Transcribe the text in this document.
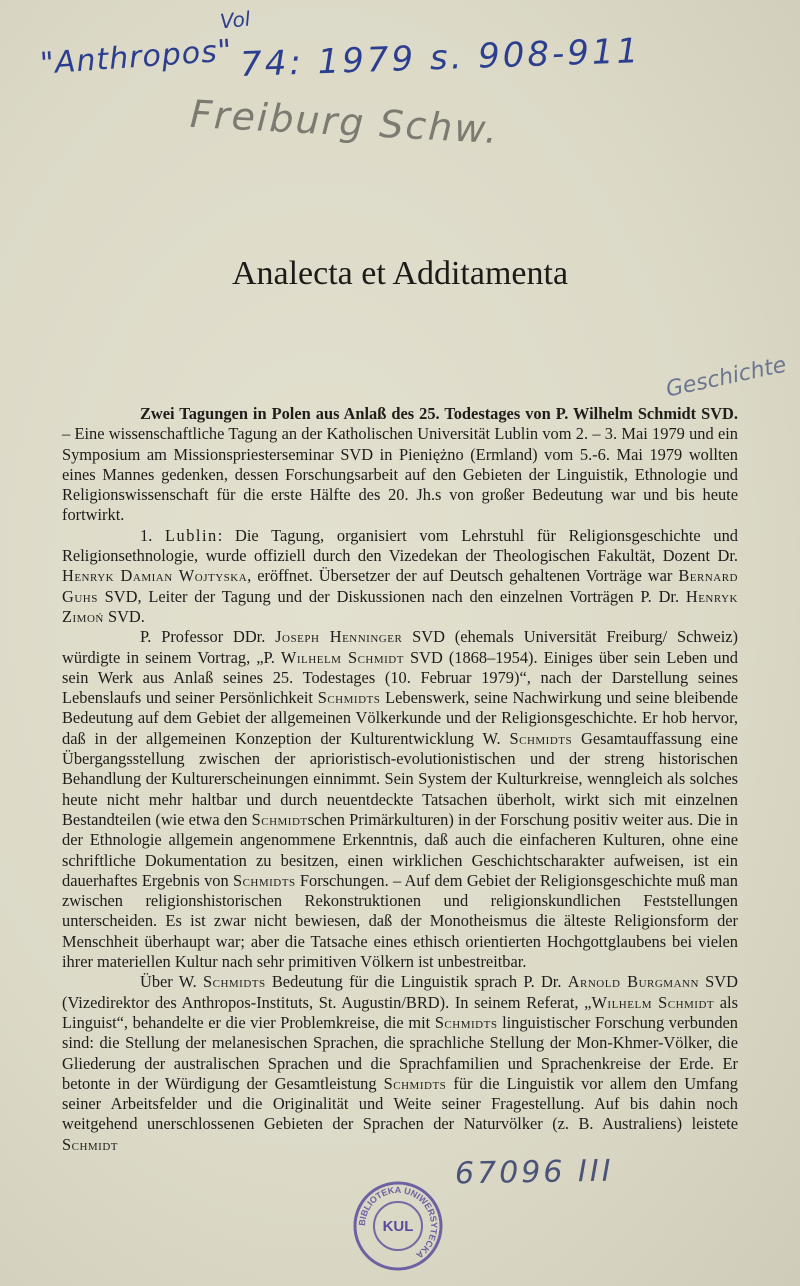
"Anthropos"
Vol
74: 1979 s. 908-911
Freiburg Schw.
Geschichte
Analecta et Additamenta

Zwei Tagungen in Polen aus Anlaß des 25. Todestages von P. Wilhelm Schmidt SVD. – Eine wissenschaftliche Tagung an der Katholischen Universität Lublin vom 2. – 3. Mai 1979 und ein Symposium am Missionspriesterseminar SVD in Pieniężno (Ermland) vom 5.-6. Mai 1979 wollten eines Mannes gedenken, dessen Forschungsarbeit auf den Gebieten der Linguistik, Ethnologie und Religionswissenschaft für die erste Hälfte des 20. Jh.s von großer Bedeutung war und bis heute fortwirkt.

1. Lublin: Die Tagung, organisiert vom Lehrstuhl für Religionsgeschichte und Religionsethnologie, wurde offiziell durch den Vizedekan der Theologischen Fakultät, Dozent Dr. Henryk Damian Wojtyska, eröffnet. Übersetzer der auf Deutsch gehaltenen Vorträge war Bernard Guhs SVD, Leiter der Tagung und der Diskussionen nach den einzelnen Vorträgen P. Dr. Henryk Zimoń SVD.

P. Professor DDr. Joseph Henninger SVD (ehemals Universität Freiburg/ Schweiz) würdigte in seinem Vortrag, „P. Wilhelm Schmidt SVD (1868–1954). Einiges über sein Leben und sein Werk aus Anlaß seines 25. Todestages (10. Februar 1979)“, nach der Darstellung seines Lebenslaufs und seiner Persönlichkeit Schmidts Lebenswerk, seine Nachwirkung und seine bleibende Bedeutung auf dem Gebiet der allgemeinen Völkerkunde und der Religionsgeschichte. Er hob hervor, daß in der allgemeinen Konzeption der Kulturentwicklung W. Schmidts Gesamtauffassung eine Übergangsstellung zwischen der aprioristisch-evolutionistischen und der streng historischen Behandlung der Kulturerscheinungen einnimmt. Sein System der Kulturkreise, wenngleich als solches heute nicht mehr haltbar und durch neuentdeckte Tatsachen überholt, wirkt sich mit einzelnen Bestandteilen (wie etwa den Schmidtschen Primärkulturen) in der Forschung positiv weiter aus. Die in der Ethnologie allgemein angenommene Erkenntnis, daß auch die einfacheren Kulturen, ohne eine schriftliche Dokumentation zu besitzen, einen wirklichen Geschichtscharakter aufweisen, ist ein dauerhaftes Ergebnis von Schmidts Forschungen. – Auf dem Gebiet der Religionsgeschichte muß man zwischen religionshistorischen Rekonstruktionen und religionskundlichen Feststellungen unterscheiden. Es ist zwar nicht bewiesen, daß der Monotheismus die älteste Religionsform der Menschheit überhaupt war; aber die Tatsache eines ethisch orientierten Hochgottglaubens bei vielen ihrer materiellen Kultur nach sehr primitiven Völkern ist unbestreitbar.

Über W. Schmidts Bedeutung für die Linguistik sprach P. Dr. Arnold Burgmann SVD (Vizedirektor des Anthropos-Instituts, St. Augustin/BRD). In seinem Referat, „Wilhelm Schmidt als Linguist“, behandelte er die vier Problemkreise, die mit Schmidts linguistischer Forschung verbunden sind: die Stellung der melanesischen Sprachen, die sprachliche Stellung der Mon-Khmer-Völker, die Gliederung der australischen Sprachen und die Sprachfamilien und Sprachenkreise der Erde. Er betonte in der Würdigung der Gesamtleistung Schmidts für die Linguistik vor allem den Umfang seiner Arbeitsfelder und die Originalität und Weite seiner Fragestellung. Auf bis dahin noch weitgehend unerschlossenen Gebieten der Sprachen der Naturvölker (z. B. Australiens) leistete Schmidt

67096 III
BIBLIOTEKA UNIWERSYTECKA
KUL
